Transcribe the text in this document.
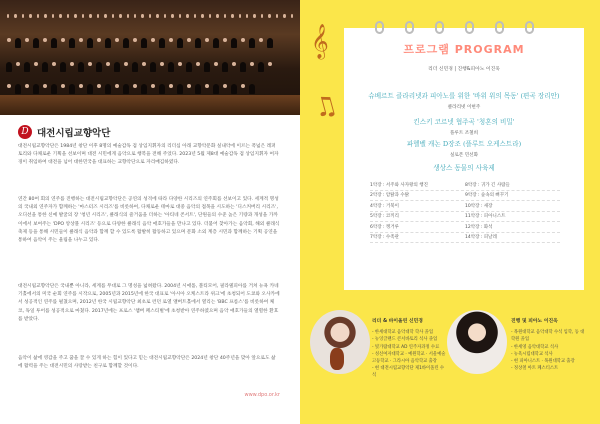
D 대전시립교향악단

대전시립교향악단은 1984년 창단 이후 8명의 예술감독 겸 상임지휘자의 리더십 아래 교향악문화 실내악에 이르는 폭넓은 레퍼토리와 다채로운 기획을 선보이며 대전 시민에게 음악으로 행복을 전해 주었다. 2023년 5월 제8대 예술감독 겸 상임지휘자 여자경이 취임하여 대전을 넘어 대한민국을 대표하는 교향악단으로 자리매김하였다.

연간 80여 회의 연주를 진행하는 대전시립교향악단은 공연의 성격에 따라 다양한 시리즈의 연주회를 선보이고 있다. 세계적 명성의 국내외 연주자가 함께하는 '마스터즈 시리즈'를 비롯하여, 다채로운 테마로 대중 음악의 접목을 시도하는 '디스커버리 시리즈', 오디션을 통한 신예 발굴의 장 '청년 시리즈', 클래식의 즐거움을 더하는 '아티네 콘서트', 단원들의 수준 높은 기량과 개성을 가까이에서 보여주는 'DPO 앙상블 시리즈' 등으로 다양한 클래식 음악 애호가들을 만나고 있다. 더불어 찾아가는 음악회, 해외 클래식 축제 등을 통해 시민들이 클래식 음악과 함께 할 수 있도록 활발히 활동하고 있으며 문화 소외 계층 시민과 함께하는 기획 공연을 통하여 음악이 주는 울림을 나누고 있다.

대전시립교향악단은 국내뿐 아니라, 세계를 무대로 그 명성을 넓혀왔다. 2004년 시애틀, 볼티모어, 필라델피아를 거쳐 뉴욕 카네기홀에서의 미국 순회 연주를 시작으로, 2005년과 2015년에 한국 대표로 '아시아 오케스트라 위크'에 초청되어 도쿄와 오사카에서 성공적인 연주를 펼쳤으며, 2012년 한국 시립교향악단 최초로 런던 로열 앨버트홀에서 열리는 'BBC 프롬스'를 비롯하여 체코, 독일 투어를 성공적으로 마쳤다. 2017년에는 프로스 '챔버 페스티벌'에 초청받아 연주하였으며 음악 애호가들의 열렬한 환호를 받았다.

음악이 삶에 영감을 주고 꿈을 꿀 수 있게 하는 힘이 있다고 믿는 대전시립교향악단은 2024년 창단 40주년을 맞아 앞으로도 삶에 활력을 주는 대전시민의 사랑받는 친구로 함께할 것이다.

www.dpo.or.kr
𝄞
♫
프로그램 PROGRAM
리더 신민경 | 진행&피아노 이진욱
슈베르트 클라리넷과 피아노를 위한 '바위 위의 목동' (편곡 장리안)
클라리넷 이현주
킨스키 코르넷 협주곡 '청혼의 비밀'
플루트 조철희
파헬벨 캐논 D장조 (플루트 오케스트라)
실로폰 민선화
생상스 동물의 사육제
1악장 : 서주와 사자왕의 행진	8악장 : 귀가 긴 사람들
2악장 : 암탉과 수탉	9악장 : 숲속의 뻐꾸기
4악장 : 거북이	10악장 : 새장
5악장 : 코끼리	11악장 : 피아니스트
6악장 : 캥거루	12악장 : 화석
7악장 : 수족관	14악장 : 피날레
리더 & 바이올린 신민경
- 한세대학교 음악대학 학사 졸업
- 뉴잉글랜드 콘서바토리 석사 졸업
- 빛가람대학교 AD 연주자과정 수료
- 성신여자대학교 · 예원학교 · 서울예술고등학교 · 그라시아 음악학교 출강
- 현 대전시립교향악단 제1바이올린 수석
진행 및 피아노 이진욱
- 목원대학교 음악대학 수석 입학, 동 대학원 졸업
- 한세영 음악대학교 석사
- 뉴욕시립대학교 석사
- 현 피아니스트 · 목원대학교 출강
- 정상철 아트 페스티스트
